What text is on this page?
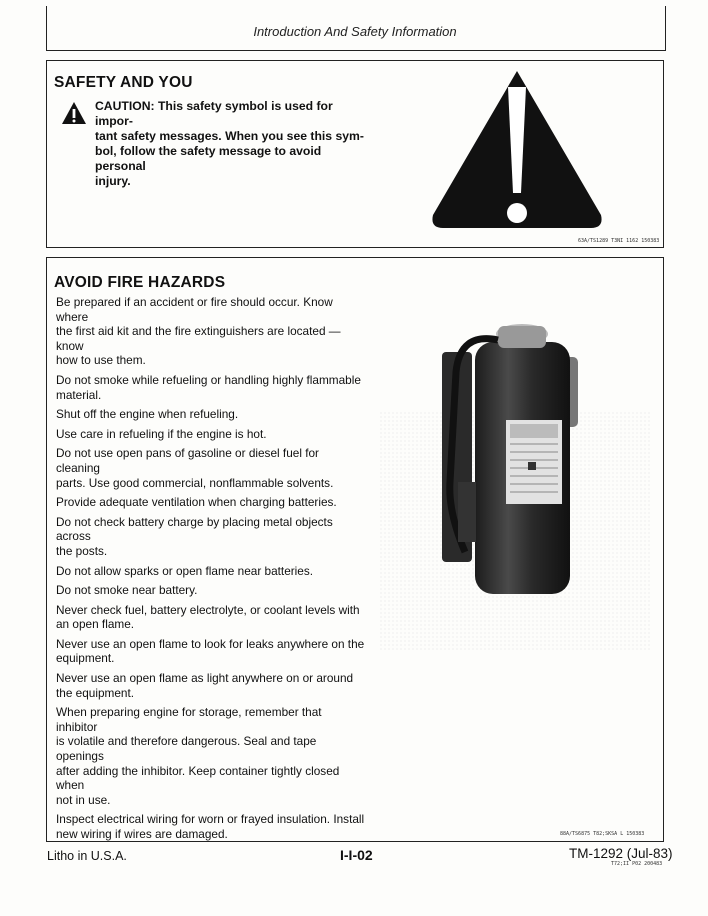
Introduction And Safety Information
SAFETY AND YOU
CAUTION: This safety symbol is used for impor-
tant safety messages. When you see this sym-
bol, follow the safety message to avoid personal
injury.
63A/TS1289 T3NI 1162 150383
AVOID FIRE HAZARDS

Be prepared if an accident or fire should occur. Know where
the first aid kit and the fire extinguishers are located — know
how to use them.

Do not smoke while refueling or handling highly flammable
material.

Shut off the engine when refueling.

Use care in refueling if the engine is hot.

Do not use open pans of gasoline or diesel fuel for cleaning
parts. Use good commercial, nonflammable solvents.

Provide adequate ventilation when charging batteries.

Do not check battery charge by placing metal objects across
the posts.

Do not allow sparks or open flame near batteries.

Do not smoke near battery.

Never check fuel, battery electrolyte, or coolant levels with
an open flame.

Never use an open flame to look for leaks anywhere on the
equipment.

Never use an open flame as light anywhere on or around
the equipment.

When preparing engine for storage, remember that inhibitor
is volatile and therefore dangerous. Seal and tape openings
after adding the inhibitor. Keep container tightly closed when
not in use.

Inspect electrical wiring for worn or frayed insulation. Install
new wiring if wires are damaged.	88A/TS6875 T82;SKSA L 150383
Litho in U.S.A.	I-I-02	TM-1292 (Jul-83)
T72;II P02 200483
